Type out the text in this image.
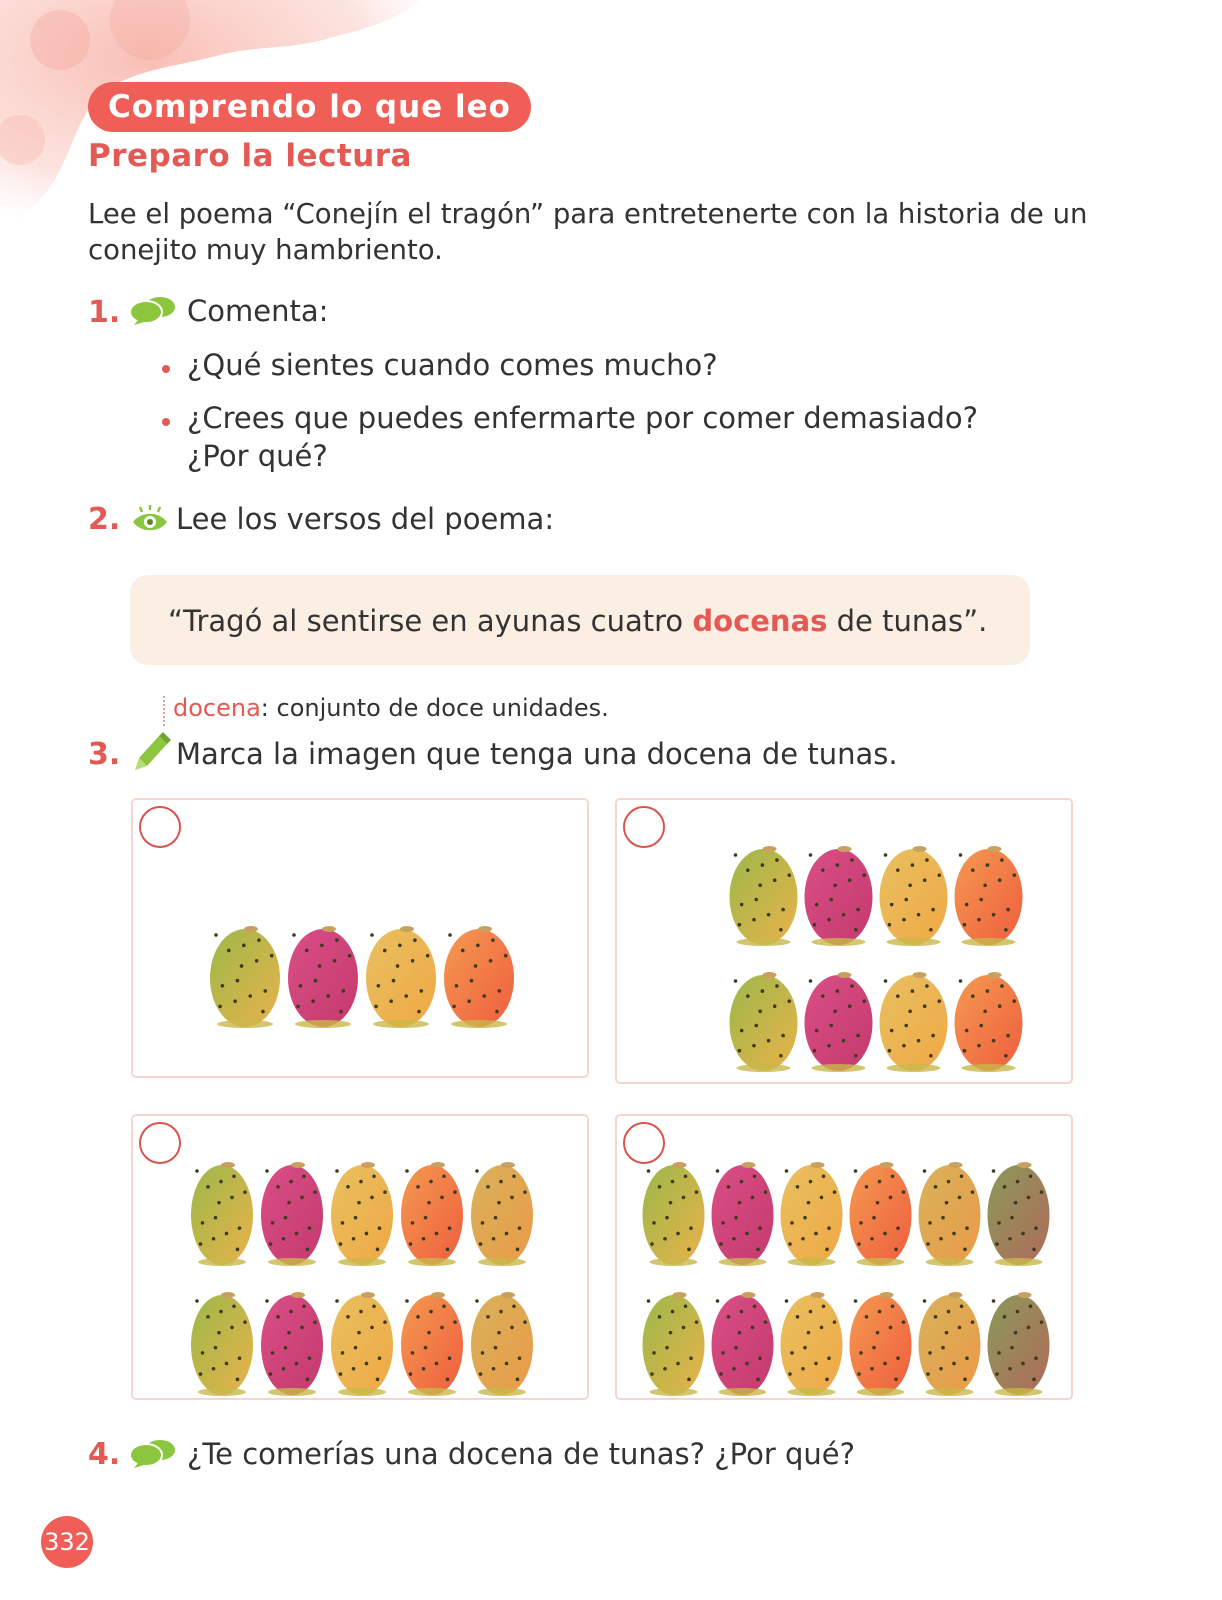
Comprendo lo que leo
Preparo la lectura
Lee el poema “Conejín el tragón” para entretenerte con la historia de un conejito muy hambriento.
1. Comenta:
¿Qué sientes cuando comes mucho?
¿Crees que puedes enfermarte por comer demasiado? ¿Por qué?
2. Lee los versos del poema:
“Tragó al sentirse en ayunas cuatro docenas de tunas”.
docena: conjunto de doce unidades.
3. Marca la imagen que tenga una docena de tunas.
4. ¿Te comerías una docena de tunas? ¿Por qué?
332
